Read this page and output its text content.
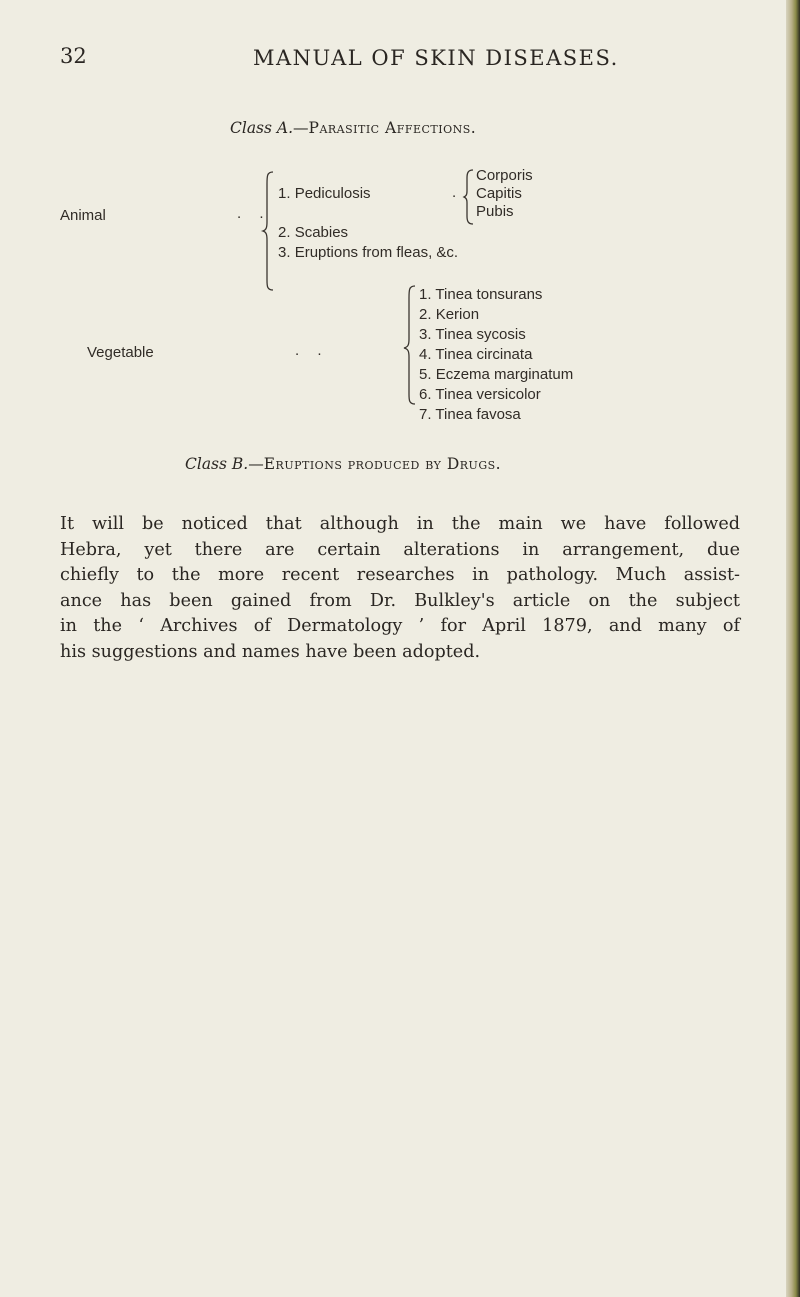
32	MANUAL OF SKIN DISEASES.
Class A.—Parasitic Affections.
Animal	. .
1. Pediculosis	.
Corporis
Capitis
Pubis
2. Scabies
3. Eruptions from fleas, &c.
Vegetable	. .
1. Tinea tonsurans
2. Kerion
3. Tinea sycosis
4. Tinea circinata
5. Eczema marginatum
6. Tinea versicolor
7. Tinea favosa
Class B.—Eruptions produced by Drugs.

It will be noticed that although in the main we have followed
Hebra, yet there are certain alterations in arrangement, due
chiefly to the more recent researches in pathology. Much assist-
ance has been gained from Dr. Bulkley's article on the subject
in the ‘ Archives of Dermatology ’ for April 1879, and many of
his suggestions and names have been adopted.
